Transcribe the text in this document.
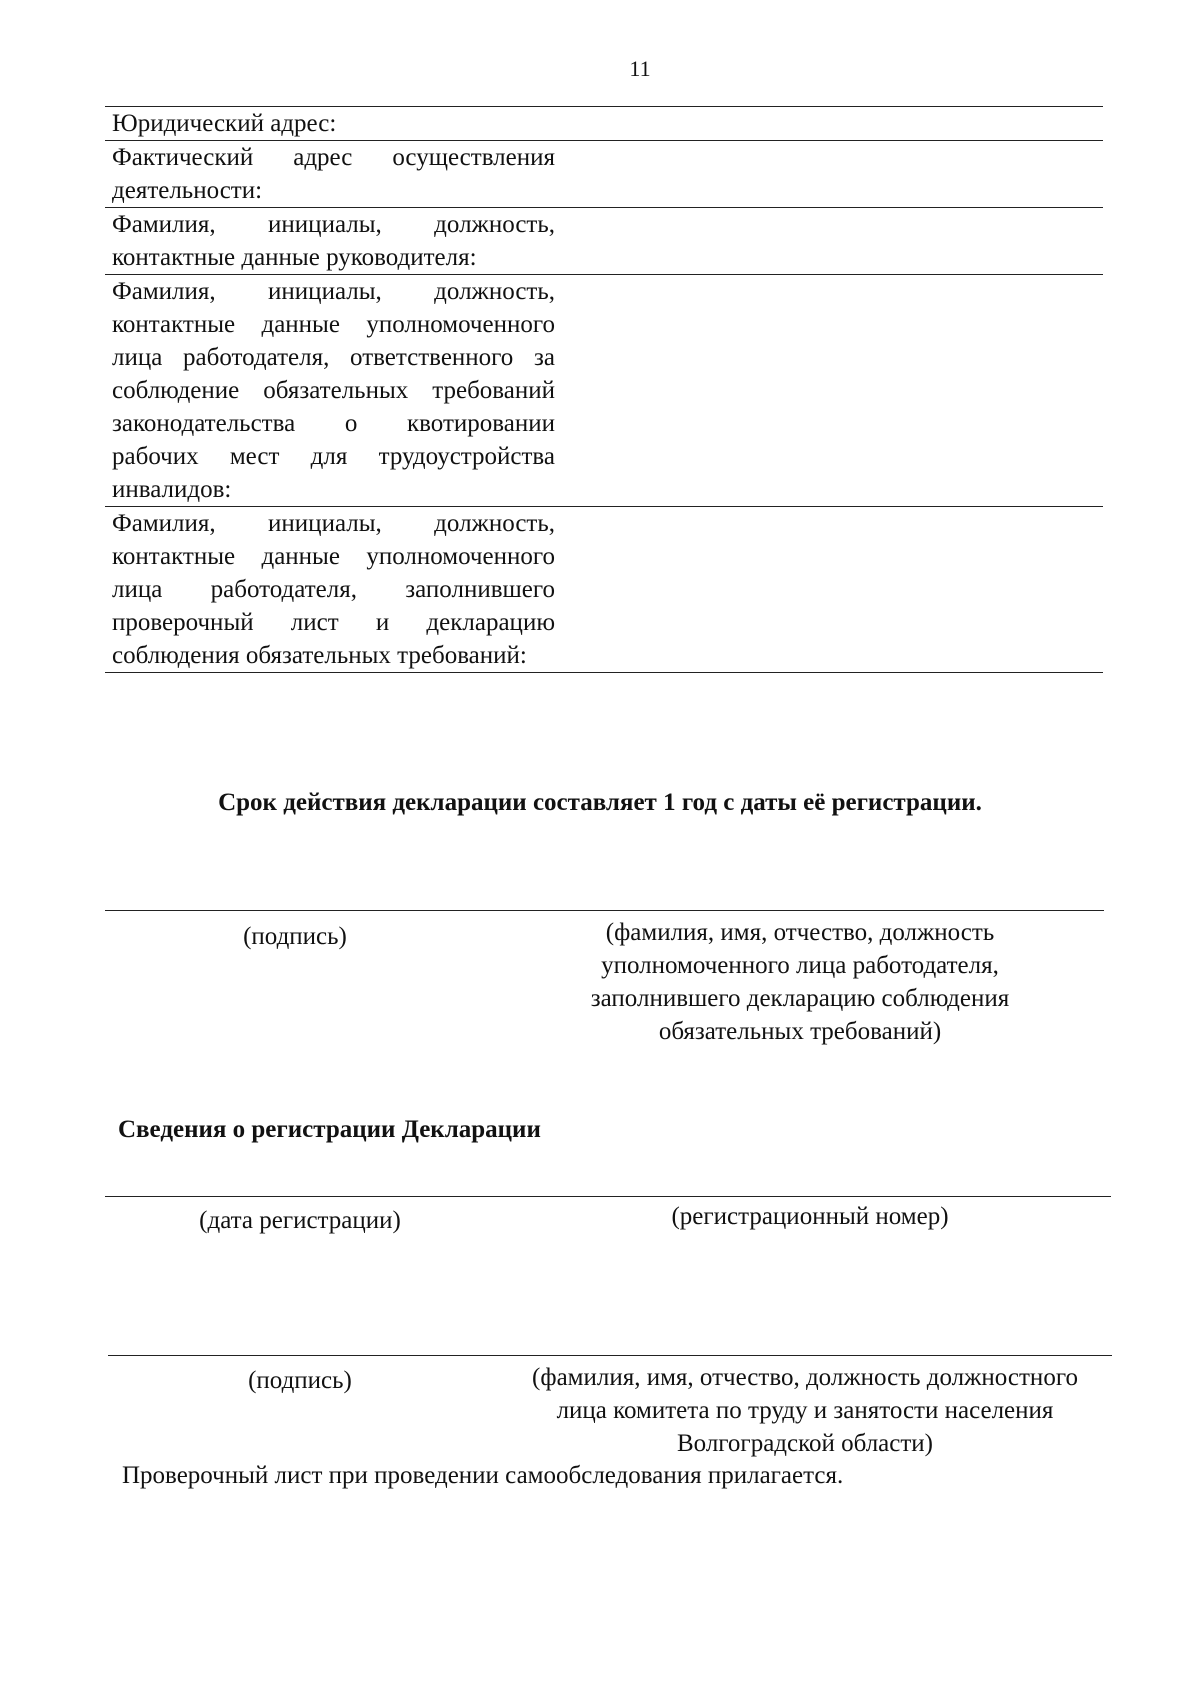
11
Юридический адрес:
Фактический адрес осуществления деятельности:
Фамилия, инициалы, должность, контактные данные руководителя:
Фамилия, инициалы, должность, контактные данные уполномоченного лица работодателя, ответственного за соблюдение обязательных требований законодательства о квотировании рабочих мест для трудоустройства инвалидов:
Фамилия, инициалы, должность, контактные данные уполномоченного лица работодателя, заполнившего проверочный лист и декларацию соблюдения обязательных требований:
Срок действия декларации составляет 1 год с даты её регистрации.
(подпись)	(фамилия, имя, отчество, должность уполномоченного лица работодателя, заполнившего декларацию соблюдения обязательных требований)
Сведения о регистрации Декларации
(дата регистрации)	(регистрационный номер)
(подпись)	(фамилия, имя, отчество, должность должностного лица комитета по труду и занятости населения Волгоградской области)
Проверочный лист при проведении самообследования прилагается.
